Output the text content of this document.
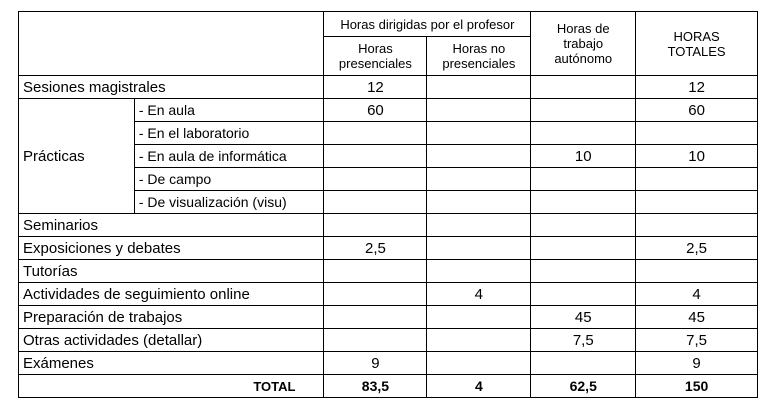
		Horas dirigidas por el profesor		Horas de
trabajo
autónomo	HORAS
TOTALES

		Horas
presenciales	Horas no
presenciales		

Sesiones magistrales		12			12
Prácticas	- En aula	60			60
	- En el laboratorio				
	- En aula de informática			10	10
	- De campo				
	- De visualización (visu)				
Seminarios					
Exposiciones y debates		2,5			2,5
Tutorías					
Actividades de seguimiento online			4		4
Preparación de trabajos				45	45
Otras actividades (detallar)				7,5	7,5
Exámenes		9			9
TOTAL		83,5	4	62,5	150
